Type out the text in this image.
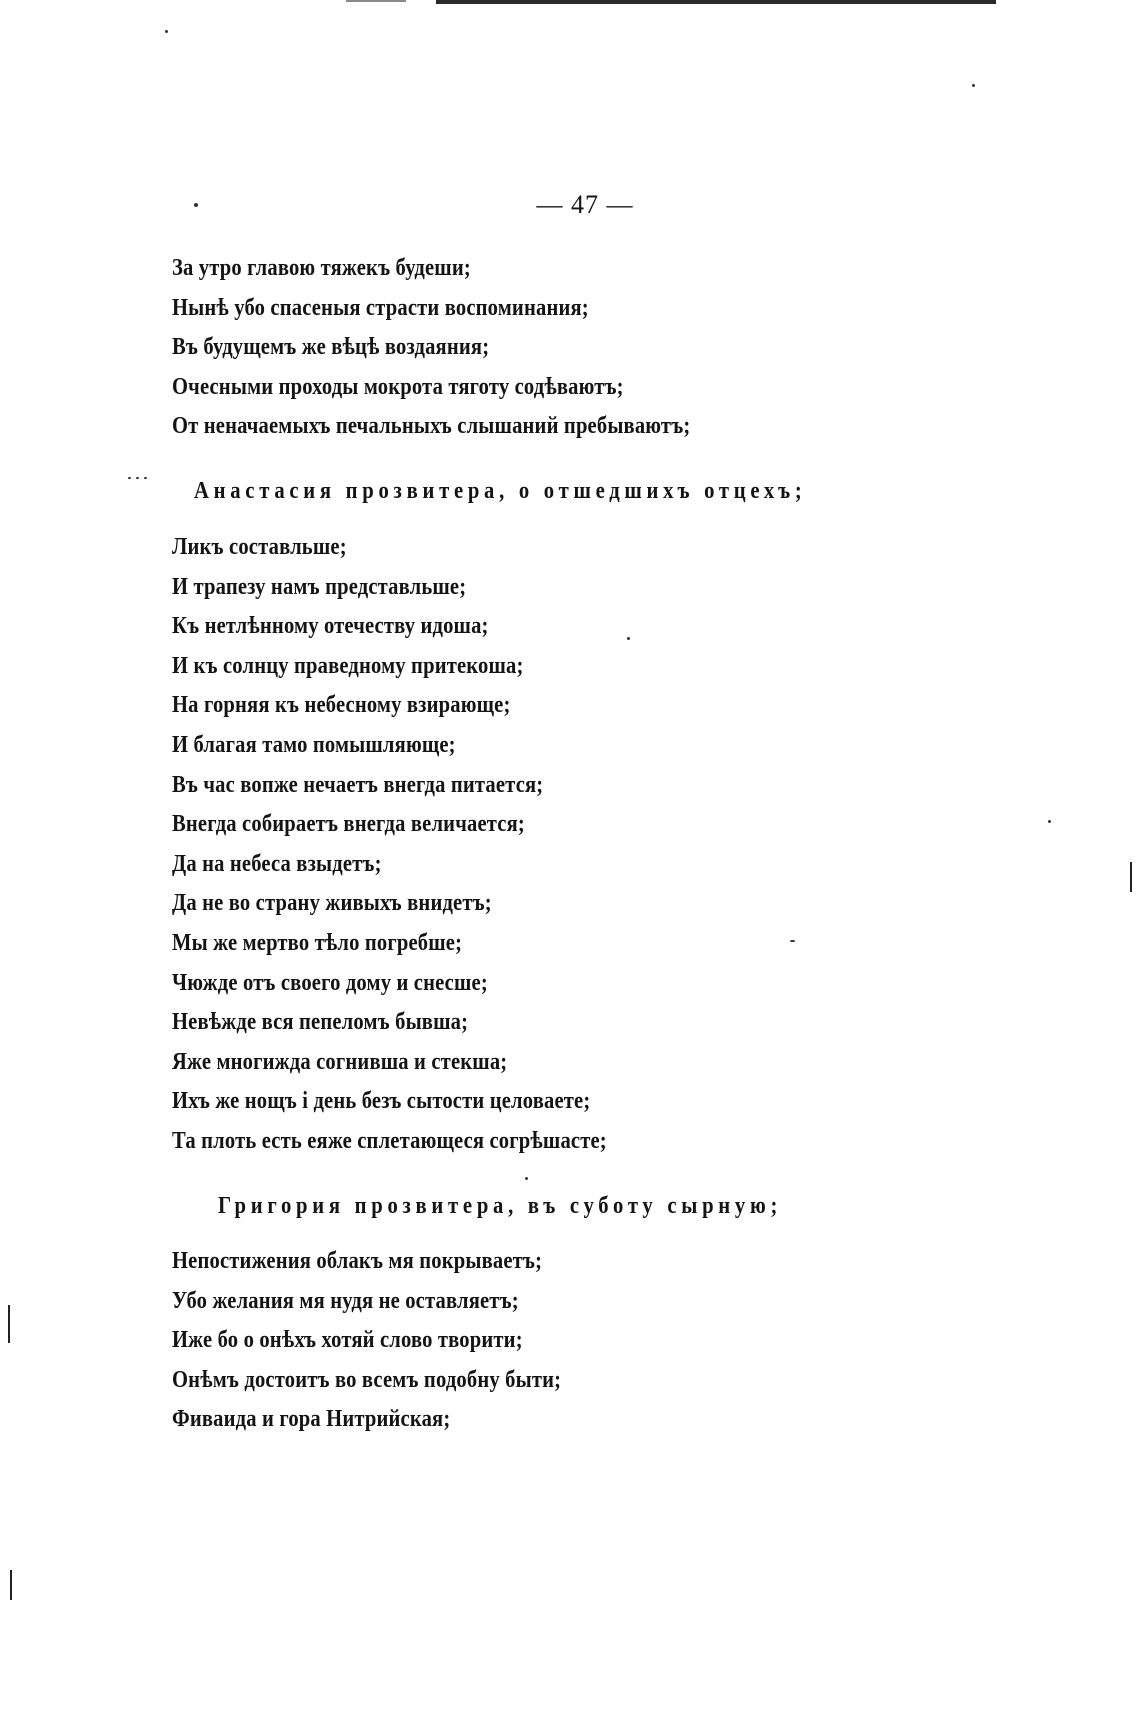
— 47 —
За утро главою тяжекъ будеши;
Нынѣ убо спасеныя страсти воспоминания;
Въ будущемъ же вѣцѣ воздаяния;
Очесными проходы мокрота тяготу содѣваютъ;
От неначаемыхъ печальныхъ слышаний пребываютъ;
Анастасия прозвитера, о отшедшихъ отцехъ;
Ликъ составльше;
И трапезу намъ представльше;
Къ нетлѣнному отечеству идоша;
И къ солнцу праведному притекоша;
На горняя къ небесному взирающе;
И благая тамо помышляюще;
Въ час вопже нечаетъ внегда питается;
Внегда собираетъ внегда величается;
Да на небеса взыдетъ;
Да не во страну живыхъ внидетъ;
Мы же мертво тѣло погребше;
Чюжде отъ своего дому и снесше;
Невѣжде вся пепеломъ бывша;
Яже многижда согнивша и стекша;
Ихъ же нощъ і день безъ сытости целоваете;
Та плоть есть еяже сплетающеся согрѣшасте;
Григория прозвитера, въ суботу сырную;
Непостижения облакъ мя покрываетъ;
Убо желания мя нудя не оставляетъ;
Иже бо о онѣхъ хотяй слово творити;
Онѣмъ достоитъ во всемъ подобну быти;
Фиваида и гора Нитрийская;
